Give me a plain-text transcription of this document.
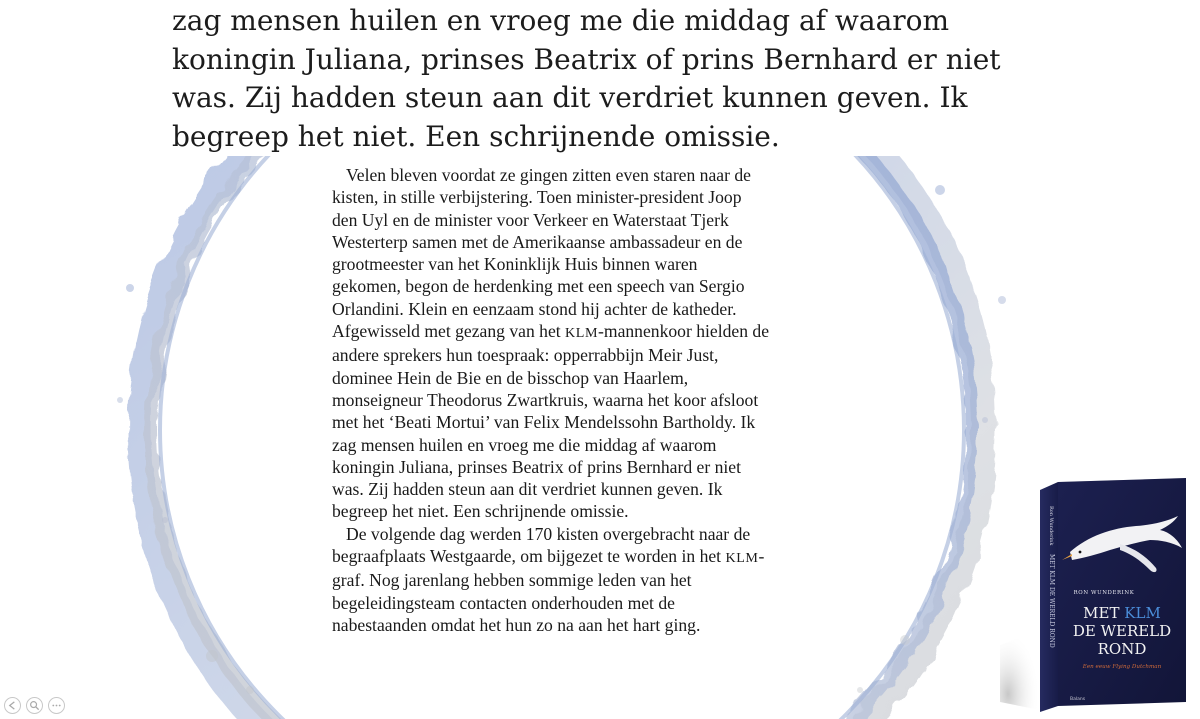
zag mensen huilen en vroeg me die middag af waarom
koningin Juliana, prinses Beatrix of prins Bernhard er niet
was. Zij hadden steun aan dit verdriet kunnen geven. Ik
begreep het niet. Een schrijnende omissie.
Velen bleven voordat ze gingen zitten even staren naar de
kisten, in stille verbijstering. Toen minister-president Joop
den Uyl en de minister voor Verkeer en Waterstaat Tjerk
Westerterp samen met de Amerikaanse ambassadeur en de
grootmeester van het Koninklijk Huis binnen waren
gekomen, begon de herdenking met een speech van Sergio
Orlandini. Klein en eenzaam stond hij achter de katheder.
Afgewisseld met gezang van het KLM-mannenkoor hielden de
andere sprekers hun toespraak: opperrabbijn Meir Just,
dominee Hein de Bie en de bisschop van Haarlem,
monseigneur Theodorus Zwartkruis, waarna het koor afsloot
met het ‘Beati Mortui’ van Felix Mendelssohn Bartholdy. Ik
zag mensen huilen en vroeg me die middag af waarom
koningin Juliana, prinses Beatrix of prins Bernhard er niet
was. Zij hadden steun aan dit verdriet kunnen geven. Ik
begreep het niet. Een schrijnende omissie.
De volgende dag werden 170 kisten overgebracht naar de
begraafplaats Westgaarde, om bijgezet te worden in het KLM-
graf. Nog jarenlang hebben sommige leden van het
begeleidingsteam contacten onderhouden met de
nabestaanden omdat het hun zo na aan het hart ging.
RON WUNDERINK
MET KLM
DE WERELD
ROND
Een eeuw Flying Dutchman
Balans
Ron Wunderink
MET KLM DE WERELD ROND
